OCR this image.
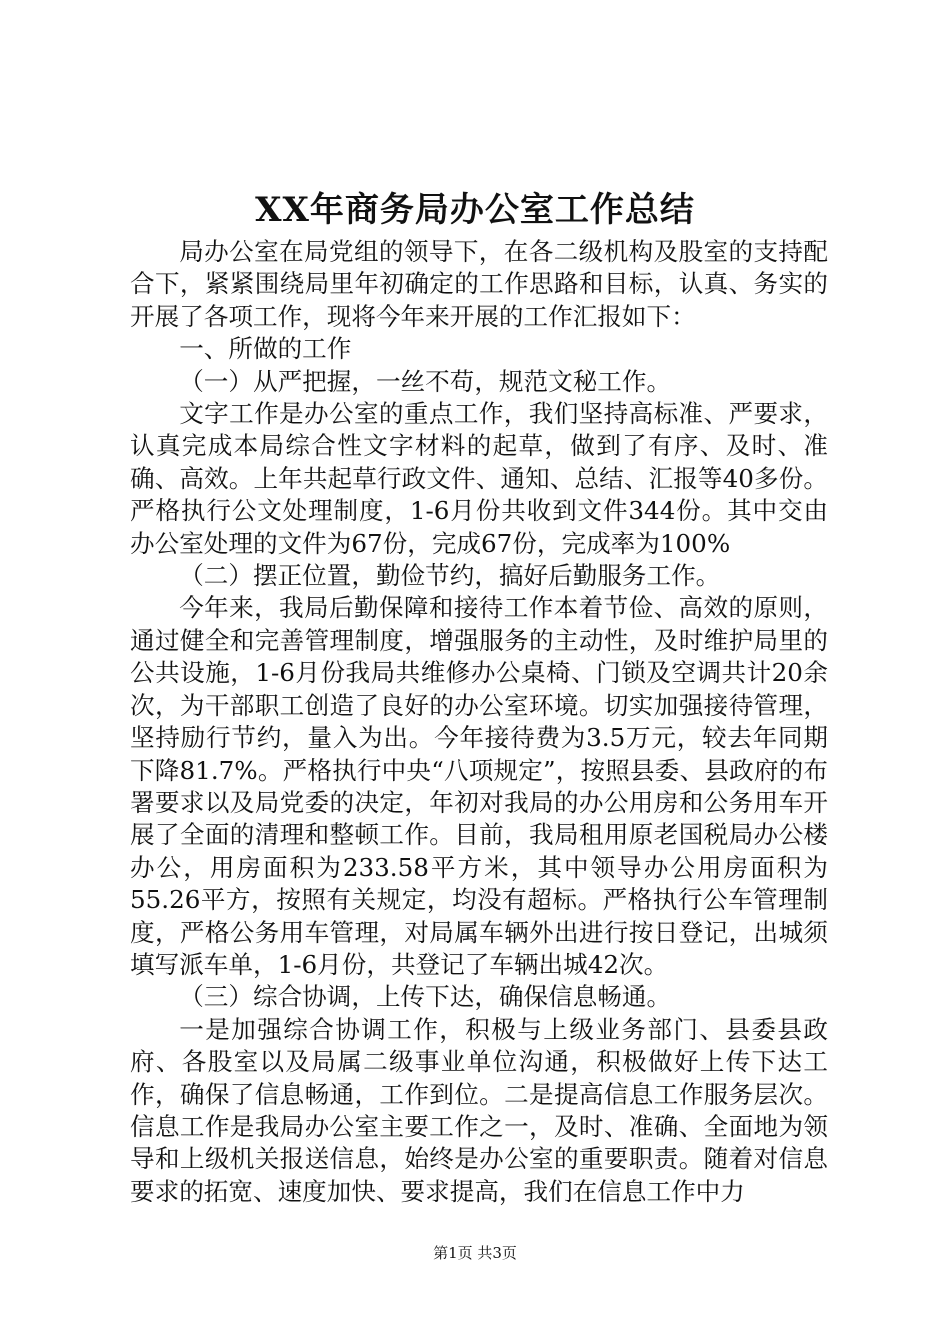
XX年商务局办公室工作总结

局办公室在局党组的领导下，在各二级机构及股室的支持配合下，紧紧围绕局里年初确定的工作思路和目标，认真、务实的开展了各项工作，现将今年来开展的工作汇报如下：

一、所做的工作

（一）从严把握，一丝不苟，规范文秘工作。

文字工作是办公室的重点工作，我们坚持高标准、严要求，认真完成本局综合性文字材料的起草，做到了有序、及时、准确、高效。上年共起草行政文件、通知、总结、汇报等40多份。严格执行公文处理制度，1-6月份共收到文件344份。其中交由办公室处理的文件为67份，完成67份，完成率为100%

（二）摆正位置，勤俭节约，搞好后勤服务工作。

今年来，我局后勤保障和接待工作本着节俭、高效的原则，通过健全和完善管理制度，增强服务的主动性，及时维护局里的公共设施，1-6月份我局共维修办公桌椅、门锁及空调共计20余次，为干部职工创造了良好的办公室环境。切实加强接待管理，坚持励行节约，量入为出。今年接待费为3.5万元，较去年同期下降81.7%。严格执行中央“八项规定”，按照县委、县政府的布署要求以及局党委的决定，年初对我局的办公用房和公务用车开展了全面的清理和整顿工作。目前，我局租用原老国税局办公楼办公，用房面积为233.58平方米，其中领导办公用房面积为55.26平方，按照有关规定，均没有超标。严格执行公车管理制度，严格公务用车管理，对局属车辆外出进行按日登记，出城须填写派车单，1-6月份，共登记了车辆出城42次。

（三）综合协调，上传下达，确保信息畅通。

一是加强综合协调工作，积极与上级业务部门、县委县政府、各股室以及局属二级事业单位沟通，积极做好上传下达工作，确保了信息畅通，工作到位。二是提高信息工作服务层次。信息工作是我局办公室主要工作之一，及时、准确、全面地为领导和上级机关报送信息，始终是办公室的重要职责。随着对信息要求的拓宽、速度加快、要求提高，我们在信息工作中力

第1页 共3页
